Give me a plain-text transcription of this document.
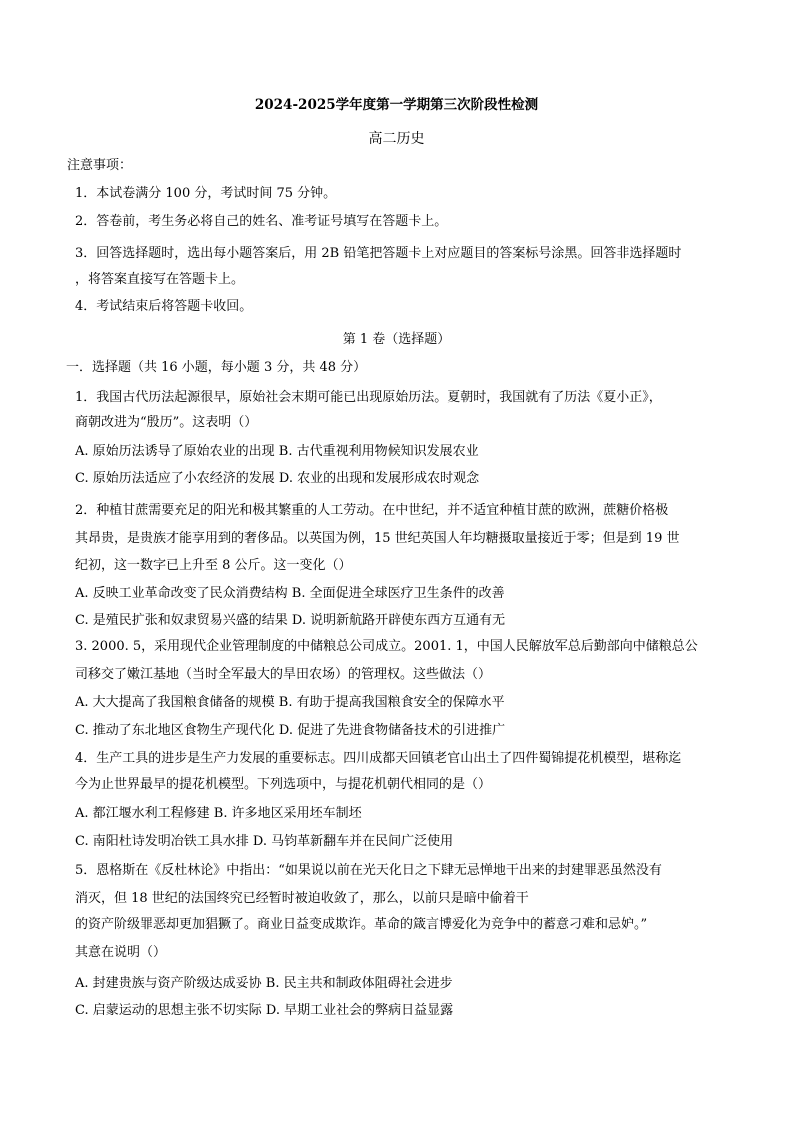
2024-2025学年度第一学期第三次阶段性检测
高二历史
注意事项：
1．本试卷满分 100 分，考试时间 75 分钟。
2．答卷前，考生务必将自己的姓名、准考证号填写在答题卡上。
3．回答选择题时，选出每小题答案后，用 2B 铅笔把答题卡上对应题目的答案标号涂黑。回答非选择题时
，将答案直接写在答题卡上。
4．考试结束后将答题卡收回。
第 1 卷（选择题）
一．选择题（共 16 小题，每小题 3 分，共 48 分）
1．我国古代历法起源很早，原始社会末期可能已出现原始历法。夏朝时，我国就有了历法《夏小正》，
商朝改进为“殷历”。这表明（）
A. 原始历法诱导了原始农业的出现 B. 古代重视利用物候知识发展农业
C. 原始历法适应了小农经济的发展 D. 农业的出现和发展形成农时观念
2．种植甘蔗需要充足的阳光和极其繁重的人工劳动。在中世纪，并不适宜种植甘蔗的欧洲，蔗糖价格极
其昂贵，是贵族才能享用到的奢侈品。以英国为例，15 世纪英国人年均糖摄取量接近于零；但是到 19 世
纪初，这一数字已上升至 8 公斤。这一变化（）
A. 反映工业革命改变了民众消费结构 B. 全面促进全球医疗卫生条件的改善
C. 是殖民扩张和奴隶贸易兴盛的结果 D. 说明新航路开辟使东西方互通有无
3. 2000. 5，采用现代企业管理制度的中储粮总公司成立。2001. 1，中国人民解放军总后勤部向中储粮总公
司移交了嫩江基地（当时全军最大的旱田农场）的管理权。这些做法（）
A. 大大提高了我国粮食储备的规模 B. 有助于提高我国粮食安全的保障水平
C. 推动了东北地区食物生产现代化 D. 促进了先进食物储备技术的引进推广
4．生产工具的进步是生产力发展的重要标志。四川成都天回镇老官山出土了四件蜀锦提花机模型，堪称迄
今为止世界最早的提花机模型。下列选项中，与提花机朝代相同的是（）
A. 都江堰水利工程修建 B. 许多地区采用坯车制坯
C. 南阳杜诗发明冶铁工具水排 D. 马钧革新翻车并在民间广泛使用
5．恩格斯在《反杜林论》中指出：“如果说以前在光天化日之下肆无忌惮地干出来的封建罪恶虽然没有
消灭，但 18 世纪的法国终究已经暂时被迫收敛了，那么，以前只是暗中偷着干
的资产阶级罪恶却更加猖獗了。商业日益变成欺诈。革命的箴言博爱化为竞争中的蓄意刁难和忌妒。”
其意在说明（）
A. 封建贵族与资产阶级达成妥协 B. 民主共和制政体阻碍社会进步
C. 启蒙运动的思想主张不切实际 D. 早期工业社会的弊病日益显露
